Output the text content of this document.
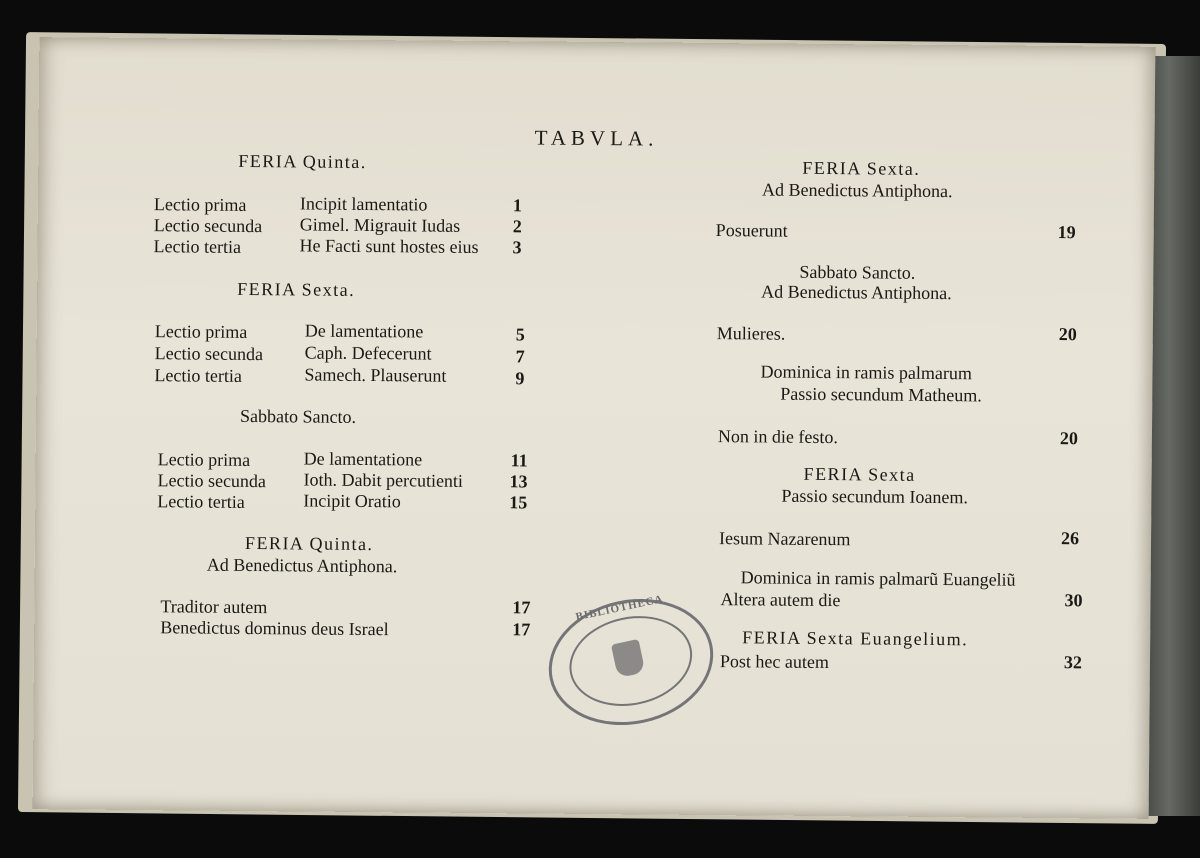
TABVLA.
FERIA Quinta.
Lectio prima	Incipit lamentatio	1
Lectio secunda Gimel. Migrauit Iudas	2
Lectio tertia	He Facti sunt hostes eius	3
FERIA Sexta.
Lectio prima	De lamentatione	5
Lectio secunda Caph. Defecerunt	7
Lectio tertia	Samech. Plauserunt	9
Sabbato Sancto.
Lectio prima	De lamentatione	11
Lectio secunda Ioth. Dabit percutienti	13
Lectio tertia	Incipit Oratio	15
FERIA Quinta.
Ad Benedictus Antiphona.
Traditor autem	17
Benedictus dominus deus Israel	17
FERIA Sexta.
Ad Benedictus Antiphona.
Posuerunt	19
Sabbato Sancto.
Ad Benedictus Antiphona.
Mulieres.	20
Dominica in ramis palmarum
Passio secundum Matheum.
Non in die festo.	20
FERIA Sexta
Passio secundum Ioanem.
Iesum Nazarenum	26
Dominica in ramis palmarũ Euangeliũ
Altera autem die	30
FERIA Sexta Euangelium.
Post hec autem	32
BIBLIOTHECA
